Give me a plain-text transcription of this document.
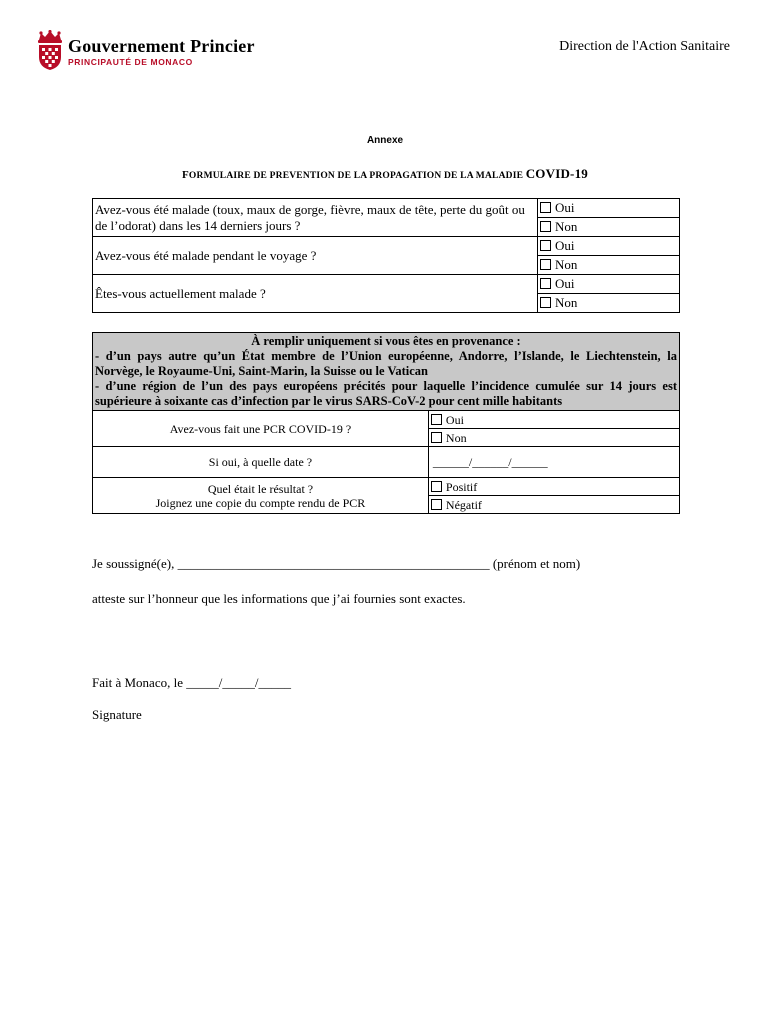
Gouvernement Princier
PRINCIPAUTÉ DE MONACO
Direction de l'Action Sanitaire
Annexe
FORMULAIRE DE PREVENTION DE LA PROPAGATION DE LA MALADIE COVID-19
Avez-vous été malade (toux, maux de gorge, fièvre, maux de tête, perte du goût ou de l’odorat) dans les 14 derniers jours ?	Oui
	Non
Avez-vous été malade pendant le voyage ?	Oui
	Non
Êtes-vous actuellement malade ?	Oui
	Non
À remplir uniquement si vous êtes en provenance :
- d’un pays autre qu’un État membre de l’Union européenne, Andorre, l’Islande, le Liechtenstein, la Norvège, le Royaume-Uni, Saint-Marin, la Suisse ou le Vatican
- d’une région de l’un des pays européens précités pour laquelle l’incidence cumulée sur 14 jours est supérieure à soixante cas d’infection par le virus SARS-CoV-2 pour cent mille habitants	

Avez-vous fait une PCR COVID-19 ?	Oui
	Non
Si oui, à quelle date ?	______/______/______

Quel était le résultat ?
Joignez une copie du compte rendu de PCR	Positif
	Négatif
Je soussigné(e), ________________________________________________ (prénom et nom)
atteste sur l’honneur que les informations que j’ai fournies sont exactes.
Fait à Monaco, le _____/_____/_____
Signature
